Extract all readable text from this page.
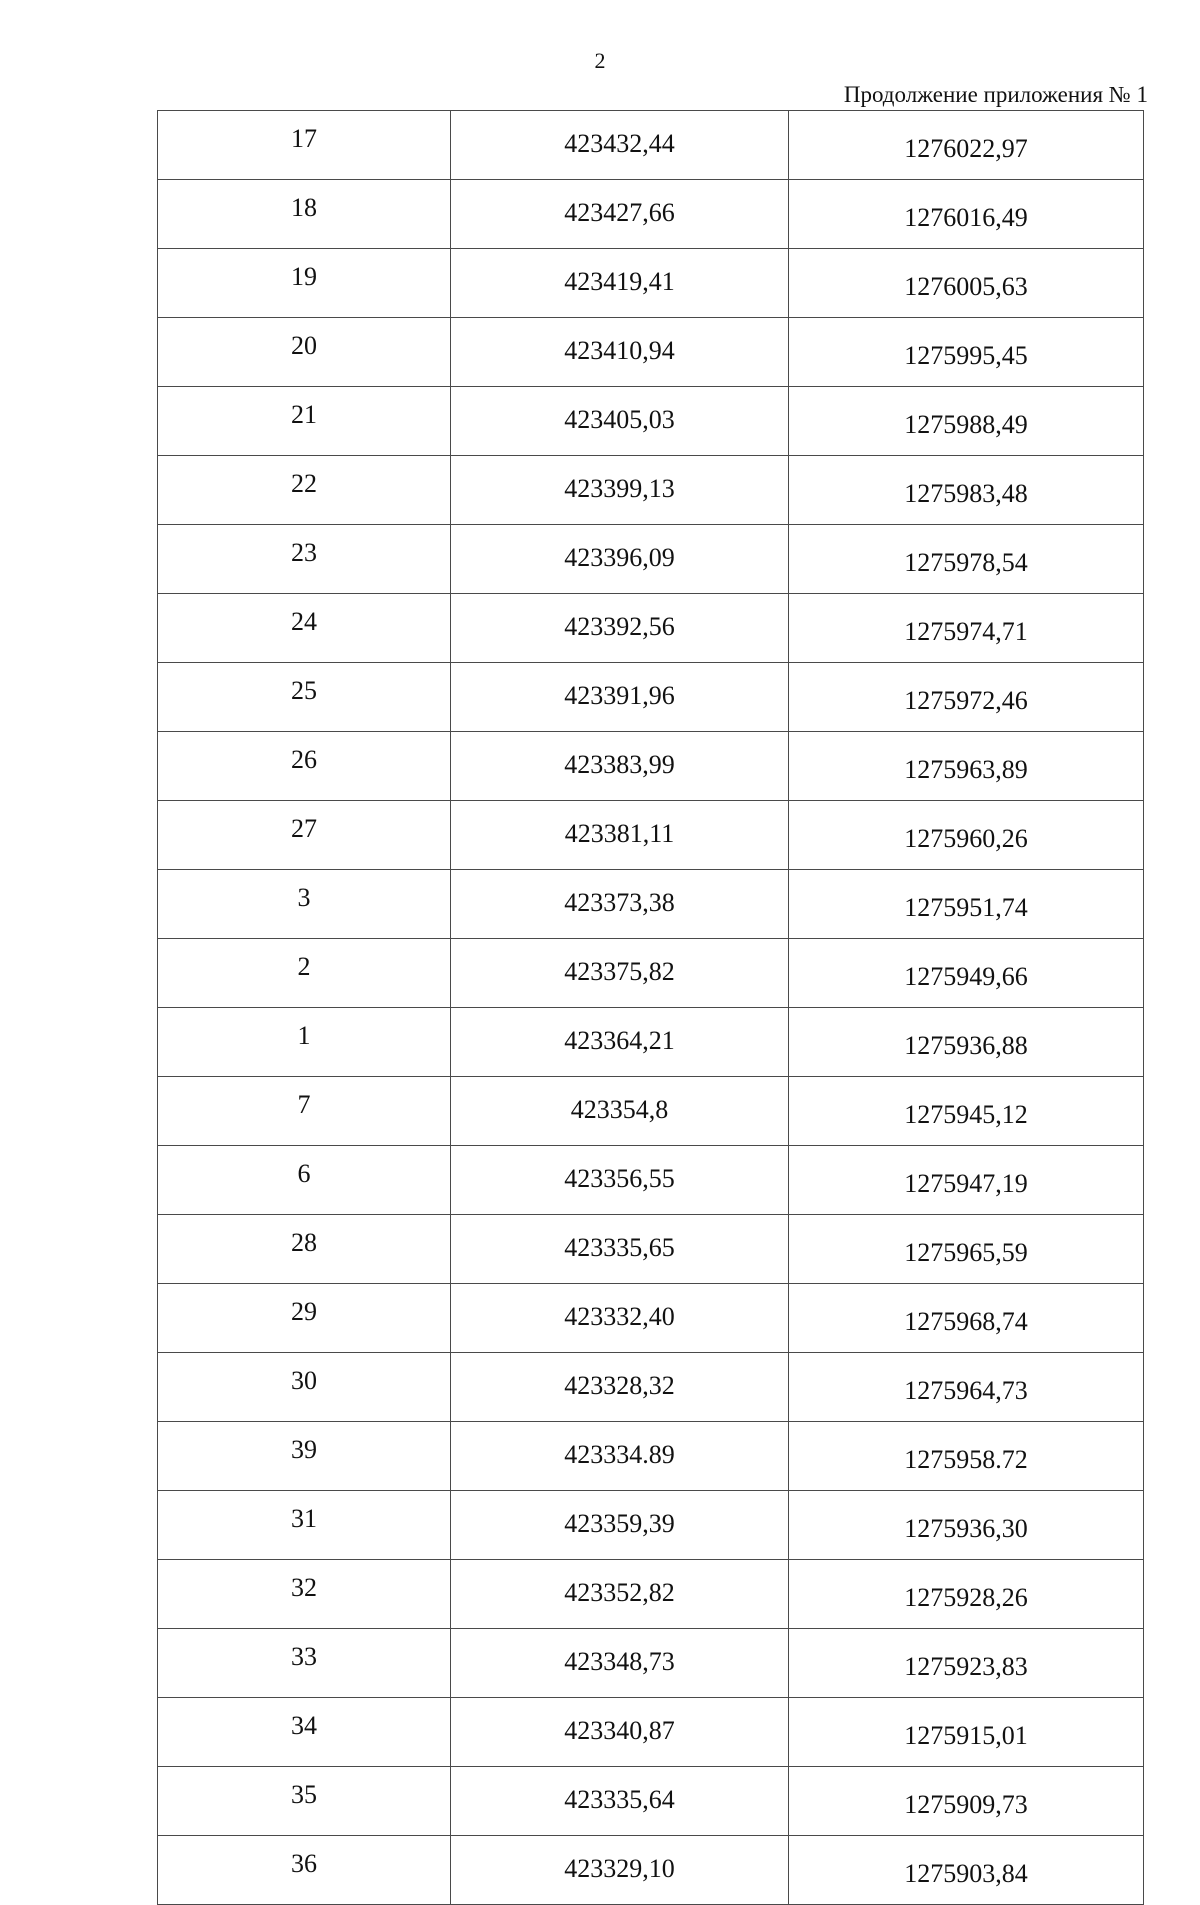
2
Продолжение приложения № 1
17	423432,44	1276022,97
18	423427,66	1276016,49
19	423419,41	1276005,63
20	423410,94	1275995,45
21	423405,03	1275988,49
22	423399,13	1275983,48
23	423396,09	1275978,54
24	423392,56	1275974,71
25	423391,96	1275972,46
26	423383,99	1275963,89
27	423381,11	1275960,26
3	423373,38	1275951,74
2	423375,82	1275949,66
1	423364,21	1275936,88
7	423354,8	1275945,12
6	423356,55	1275947,19
28	423335,65	1275965,59
29	423332,40	1275968,74
30	423328,32	1275964,73
39	423334.89	1275958.72
31	423359,39	1275936,30
32	423352,82	1275928,26
33	423348,73	1275923,83
34	423340,87	1275915,01
35	423335,64	1275909,73
36	423329,10	1275903,84
